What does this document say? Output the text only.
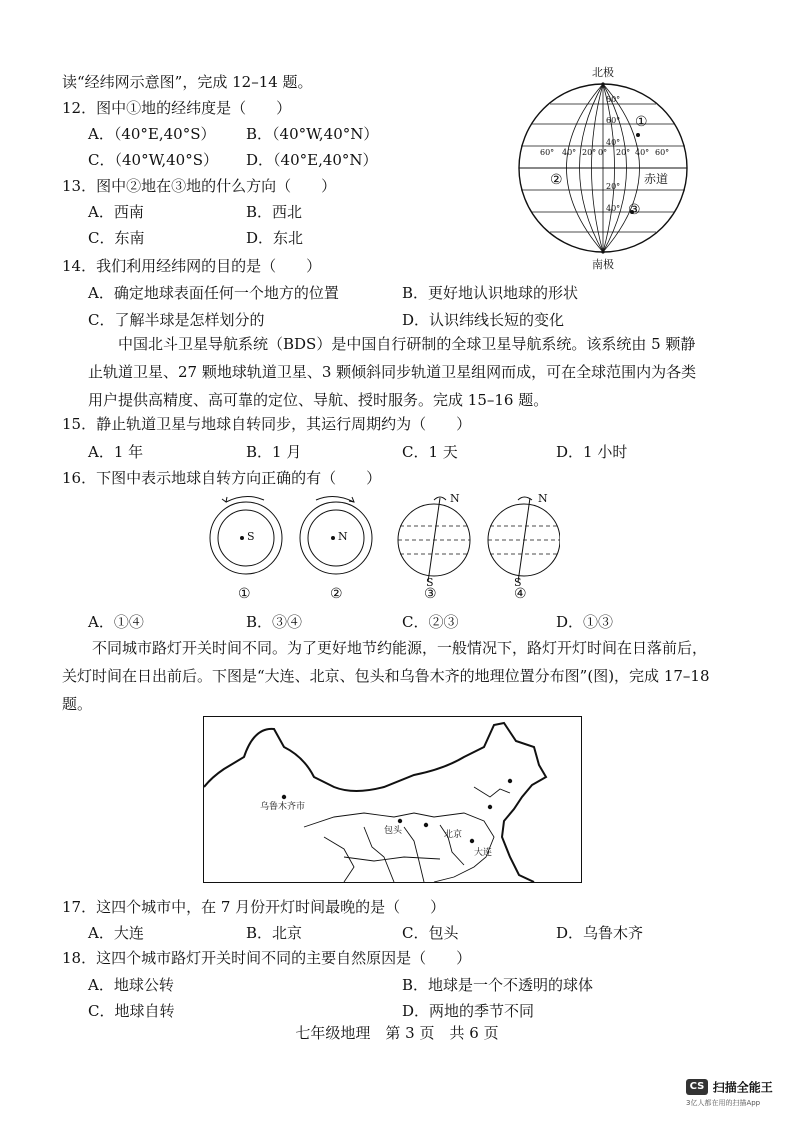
读“经纬网示意图”，完成 12–14 题。
12．图中①地的经纬度是（　　）
A．（40°E,40°S） B．（40°W,40°N）
C．（40°W,40°S） D．（40°E,40°N）
13．图中②地在③地的什么方向（　　）
A．西南	B．西北
C．东南	D．东北
14．我们利用经纬网的目的是（　　）
A．确定地球表面任何一个地方的位置	B．更好地认识地球的形状
C．了解半球是怎样划分的	D．认识纬线长短的变化
北极
①
②
③
赤道
80°
60°
40°
20°
40°
60° 40° 20° 0° 20° 40° 60°
南极
中国北斗卫星导航系统（BDS）是中国自行研制的全球卫星导航系统。该系统由 5 颗静止轨道卫星、27 颗地球轨道卫星、3 颗倾斜同步轨道卫星组网而成，可在全球范围内为各类用户提供高精度、高可靠的定位、导航、授时服务。完成 15–16 题。
15．静止轨道卫星与地球自转同步，其运行周期约为（　　）
A．1 年	B．1 月	C．1 天	D．1 小时
16．下图中表示地球自转方向正确的有（　　）
S	N
N
S
N
S
①	②	③	④
A．①④	B．③④	C．②③	D．①③
不同城市路灯开关时间不同。为了更好地节约能源，一般情况下，路灯开灯时间在日落前后，关灯时间在日出前后。下图是“大连、北京、包头和乌鲁木齐的地理位置分布图”(图)，完成 17–18 题。
乌鲁木齐市
包头	北京
大连
17．这四个城市中，在 7 月份开灯时间最晚的是（　　）
A．大连	B．北京	C．包头	D．乌鲁木齐
18．这四个城市路灯开关时间不同的主要自然原因是（　　）
A．地球公转	B．地球是一个不透明的球体
C．地球自转	D．两地的季节不同
七年级地理　第 3 页　共 6 页
CS 扫描全能王
3亿人都在用的扫描App
